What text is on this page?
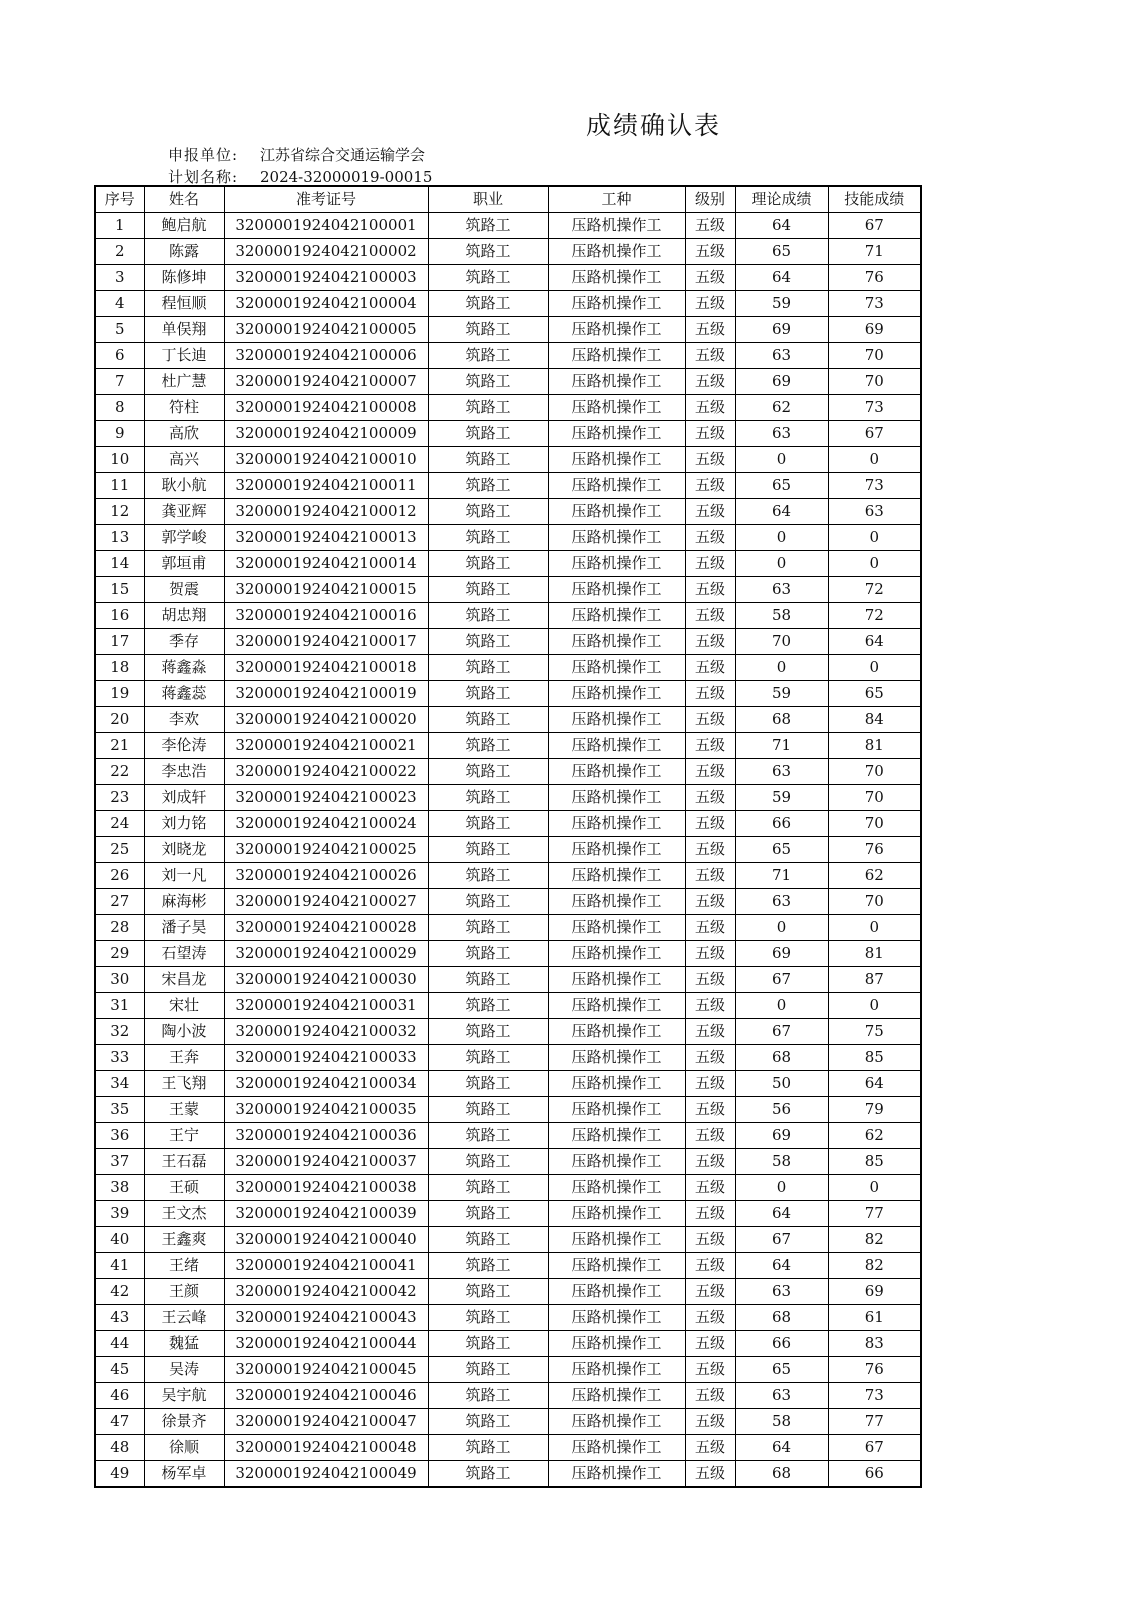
成绩确认表
申报单位: 江苏省综合交通运输学会
计划名称: 2024-32000019-00015
序号	姓名	准考证号	职业	工种	级别	理论成绩	技能成绩
1	鲍启航	3200001924042100001	筑路工	压路机操作工	五级	64	67
2	陈露	3200001924042100002	筑路工	压路机操作工	五级	65	71
3	陈修坤	3200001924042100003	筑路工	压路机操作工	五级	64	76
4	程恒顺	3200001924042100004	筑路工	压路机操作工	五级	59	73
5	单俣翔	3200001924042100005	筑路工	压路机操作工	五级	69	69
6	丁长迪	3200001924042100006	筑路工	压路机操作工	五级	63	70
7	杜广慧	3200001924042100007	筑路工	压路机操作工	五级	69	70
8	符柱	3200001924042100008	筑路工	压路机操作工	五级	62	73
9	高欣	3200001924042100009	筑路工	压路机操作工	五级	63	67
10	高兴	3200001924042100010	筑路工	压路机操作工	五级	0	0
11	耿小航	3200001924042100011	筑路工	压路机操作工	五级	65	73
12	龚亚辉	3200001924042100012	筑路工	压路机操作工	五级	64	63
13	郭学峻	3200001924042100013	筑路工	压路机操作工	五级	0	0
14	郭垣甫	3200001924042100014	筑路工	压路机操作工	五级	0	0
15	贺震	3200001924042100015	筑路工	压路机操作工	五级	63	72
16	胡忠翔	3200001924042100016	筑路工	压路机操作工	五级	58	72
17	季存	3200001924042100017	筑路工	压路机操作工	五级	70	64
18	蒋鑫淼	3200001924042100018	筑路工	压路机操作工	五级	0	0
19	蒋鑫蕊	3200001924042100019	筑路工	压路机操作工	五级	59	65
20	李欢	3200001924042100020	筑路工	压路机操作工	五级	68	84
21	李伦涛	3200001924042100021	筑路工	压路机操作工	五级	71	81
22	李忠浩	3200001924042100022	筑路工	压路机操作工	五级	63	70
23	刘成轩	3200001924042100023	筑路工	压路机操作工	五级	59	70
24	刘力铭	3200001924042100024	筑路工	压路机操作工	五级	66	70
25	刘晓龙	3200001924042100025	筑路工	压路机操作工	五级	65	76
26	刘一凡	3200001924042100026	筑路工	压路机操作工	五级	71	62
27	麻海彬	3200001924042100027	筑路工	压路机操作工	五级	63	70
28	潘子昊	3200001924042100028	筑路工	压路机操作工	五级	0	0
29	石望涛	3200001924042100029	筑路工	压路机操作工	五级	69	81
30	宋昌龙	3200001924042100030	筑路工	压路机操作工	五级	67	87
31	宋壮	3200001924042100031	筑路工	压路机操作工	五级	0	0
32	陶小波	3200001924042100032	筑路工	压路机操作工	五级	67	75
33	王奔	3200001924042100033	筑路工	压路机操作工	五级	68	85
34	王飞翔	3200001924042100034	筑路工	压路机操作工	五级	50	64
35	王蒙	3200001924042100035	筑路工	压路机操作工	五级	56	79
36	王宁	3200001924042100036	筑路工	压路机操作工	五级	69	62
37	王石磊	3200001924042100037	筑路工	压路机操作工	五级	58	85
38	王硕	3200001924042100038	筑路工	压路机操作工	五级	0	0
39	王文杰	3200001924042100039	筑路工	压路机操作工	五级	64	77
40	王鑫爽	3200001924042100040	筑路工	压路机操作工	五级	67	82
41	王绪	3200001924042100041	筑路工	压路机操作工	五级	64	82
42	王颜	3200001924042100042	筑路工	压路机操作工	五级	63	69
43	王云峰	3200001924042100043	筑路工	压路机操作工	五级	68	61
44	魏猛	3200001924042100044	筑路工	压路机操作工	五级	66	83
45	吴涛	3200001924042100045	筑路工	压路机操作工	五级	65	76
46	吴宇航	3200001924042100046	筑路工	压路机操作工	五级	63	73
47	徐景齐	3200001924042100047	筑路工	压路机操作工	五级	58	77
48	徐顺	3200001924042100048	筑路工	压路机操作工	五级	64	67
49	杨军卓	3200001924042100049	筑路工	压路机操作工	五级	68	66
